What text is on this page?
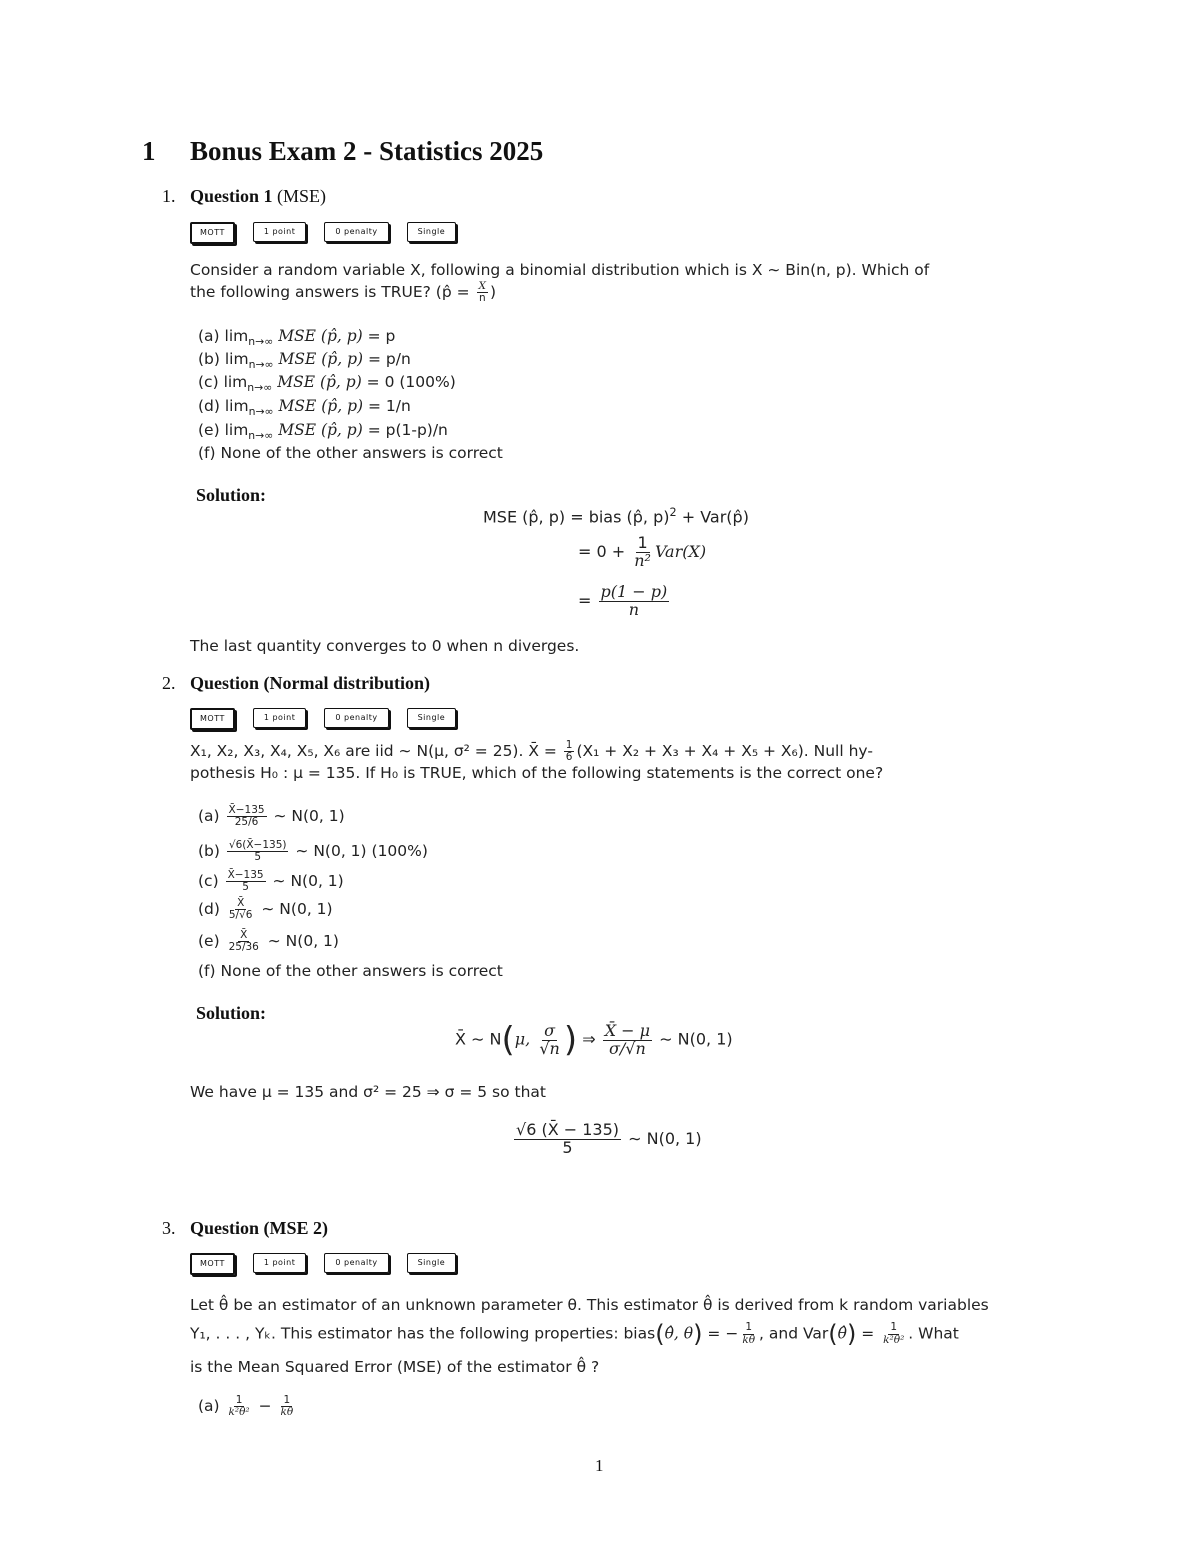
1 Bonus Exam 2 - Statistics 2025
1. Question 1 (MSE)
MOTT	1 point	0 penalty	Single
Consider a random variable X, following a binomial distribution which is X ∼ Bin(n, p). Which of
the following answers is TRUE? (p̂ = $\frac{X}{n}$ )
(a) $\lim_{n\to\infty}$ MSE (p̂, p) = p
(b) $\lim_{n\to\infty}$ MSE (p̂, p) = p/n
(c) $\lim_{n\to\infty}$ MSE (p̂, p) = 0 (100%)
(d) $\lim_{n\to\infty}$ MSE (p̂, p) = 1/n
(e) $\lim_{n\to\infty}$ MSE (p̂, p) = p(1-p)/n
(f) None of the other answers is correct
Solution:
MSE (p̂, p) = bias (p̂, p)$^2$ + Var(p̂)
= $0 + \frac{1}{\text{n²}} Var(X)$
= $\frac{p(1 - p)}{n}$
The last quantity converges to 0 when n diverges.
2. Question (Normal distribution)
MOTT	1 point	0 penalty	Single
X₁, X₂, X₃, X₄, X₅, X₆ are iid ∼ N(μ, σ² = 25). X̄ = $\frac{1}{6} (X_1 + X_2 + X_3 + X_4 + X_5 + X_6)$. Null hy-
pothesis H₀ : μ = 135. If H₀ is TRUE, which of the following statements is the correct one?
$(a) \frac{X̄-135}{25/6}$ ∼ N(0, 1)
$(b) \frac{√6(X̄-135)}{5}$ ∼ N(0, 1) (100%)
$(c) \frac{X̄-135}{5}$ ∼ N(0, 1)
$(d) \frac{X̄}{5/√6}$ ∼ N(0, 1)
$(e) \frac{X̄}{25/36}$ ∼ N(0, 1)
(f) None of the other answers is correct
Solution:
X̄ ∼ N(μ, $\frac{\sigma}{√n}$ ) ⇒ $\frac{X̄ - \mu}{\sigma/√n}$ ∼ N(0, 1)
We have μ = 135 and σ² = 25 ⇒ σ = 5 so that
$\frac{√6 (X̄ - 135)}{5}$ ∼ N(0, 1)
3. Question (MSE 2)
MOTT	1 point	0 penalty	Single
Let θ̂ be an estimator of an unknown parameter θ. This estimator θ̂ is derived from k random variables
Y₁, . . . , Yₖ. This estimator has the following properties: bias(θ̂, θ) = − $\frac{1}{k\theta}$ , and Var(θ̂) = $\frac{1}{\text{k²θ²}}$ . What
is the Mean Squared Error (MSE) of the estimator θ̂ ?
$(a) \frac{1}{\text{k²θ²}} - \frac{1}{k\theta}$
1
